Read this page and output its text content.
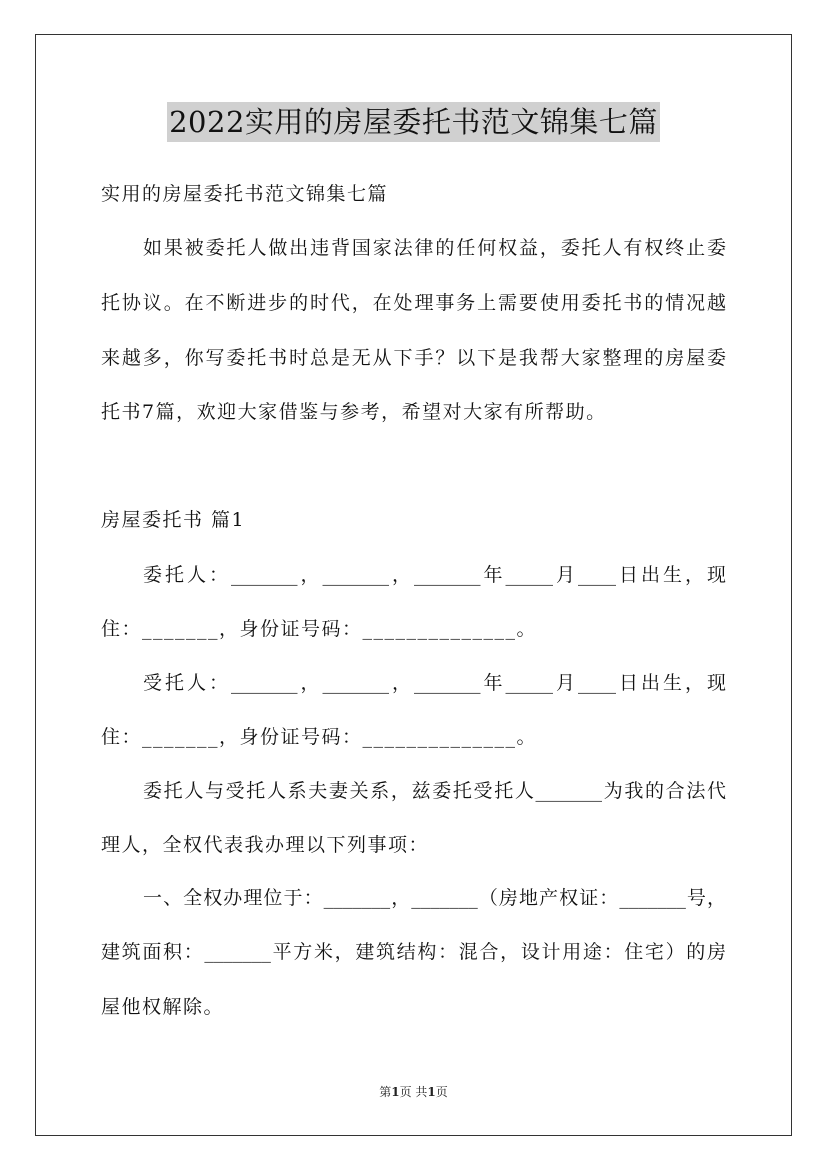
2022实用的房屋委托书范文锦集七篇
实用的房屋委托书范文锦集七篇
如果被委托人做出违背国家法律的任何权益，委托人有权终止委
托协议。在不断进步的时代，在处理事务上需要使用委托书的情况越
来越多，你写委托书时总是无从下手？以下是我帮大家整理的房屋委
托书7篇，欢迎大家借鉴与参考，希望对大家有所帮助。
房屋委托书 篇1
委托人：_______，_______，_______年_____月____日出生，现
住：_______，身份证号码：______________。
受托人：_______，_______，_______年_____月____日出生，现
住：_______，身份证号码：______________。
委托人与受托人系夫妻关系，兹委托受托人_______为我的合法代
理人，全权代表我办理以下列事项：
一、全权办理位于：_______，_______（房地产权证：_______号，
建筑面积：_______平方米，建筑结构：混合，设计用途：住宅）的房
屋他权解除。
第1页 共1页
